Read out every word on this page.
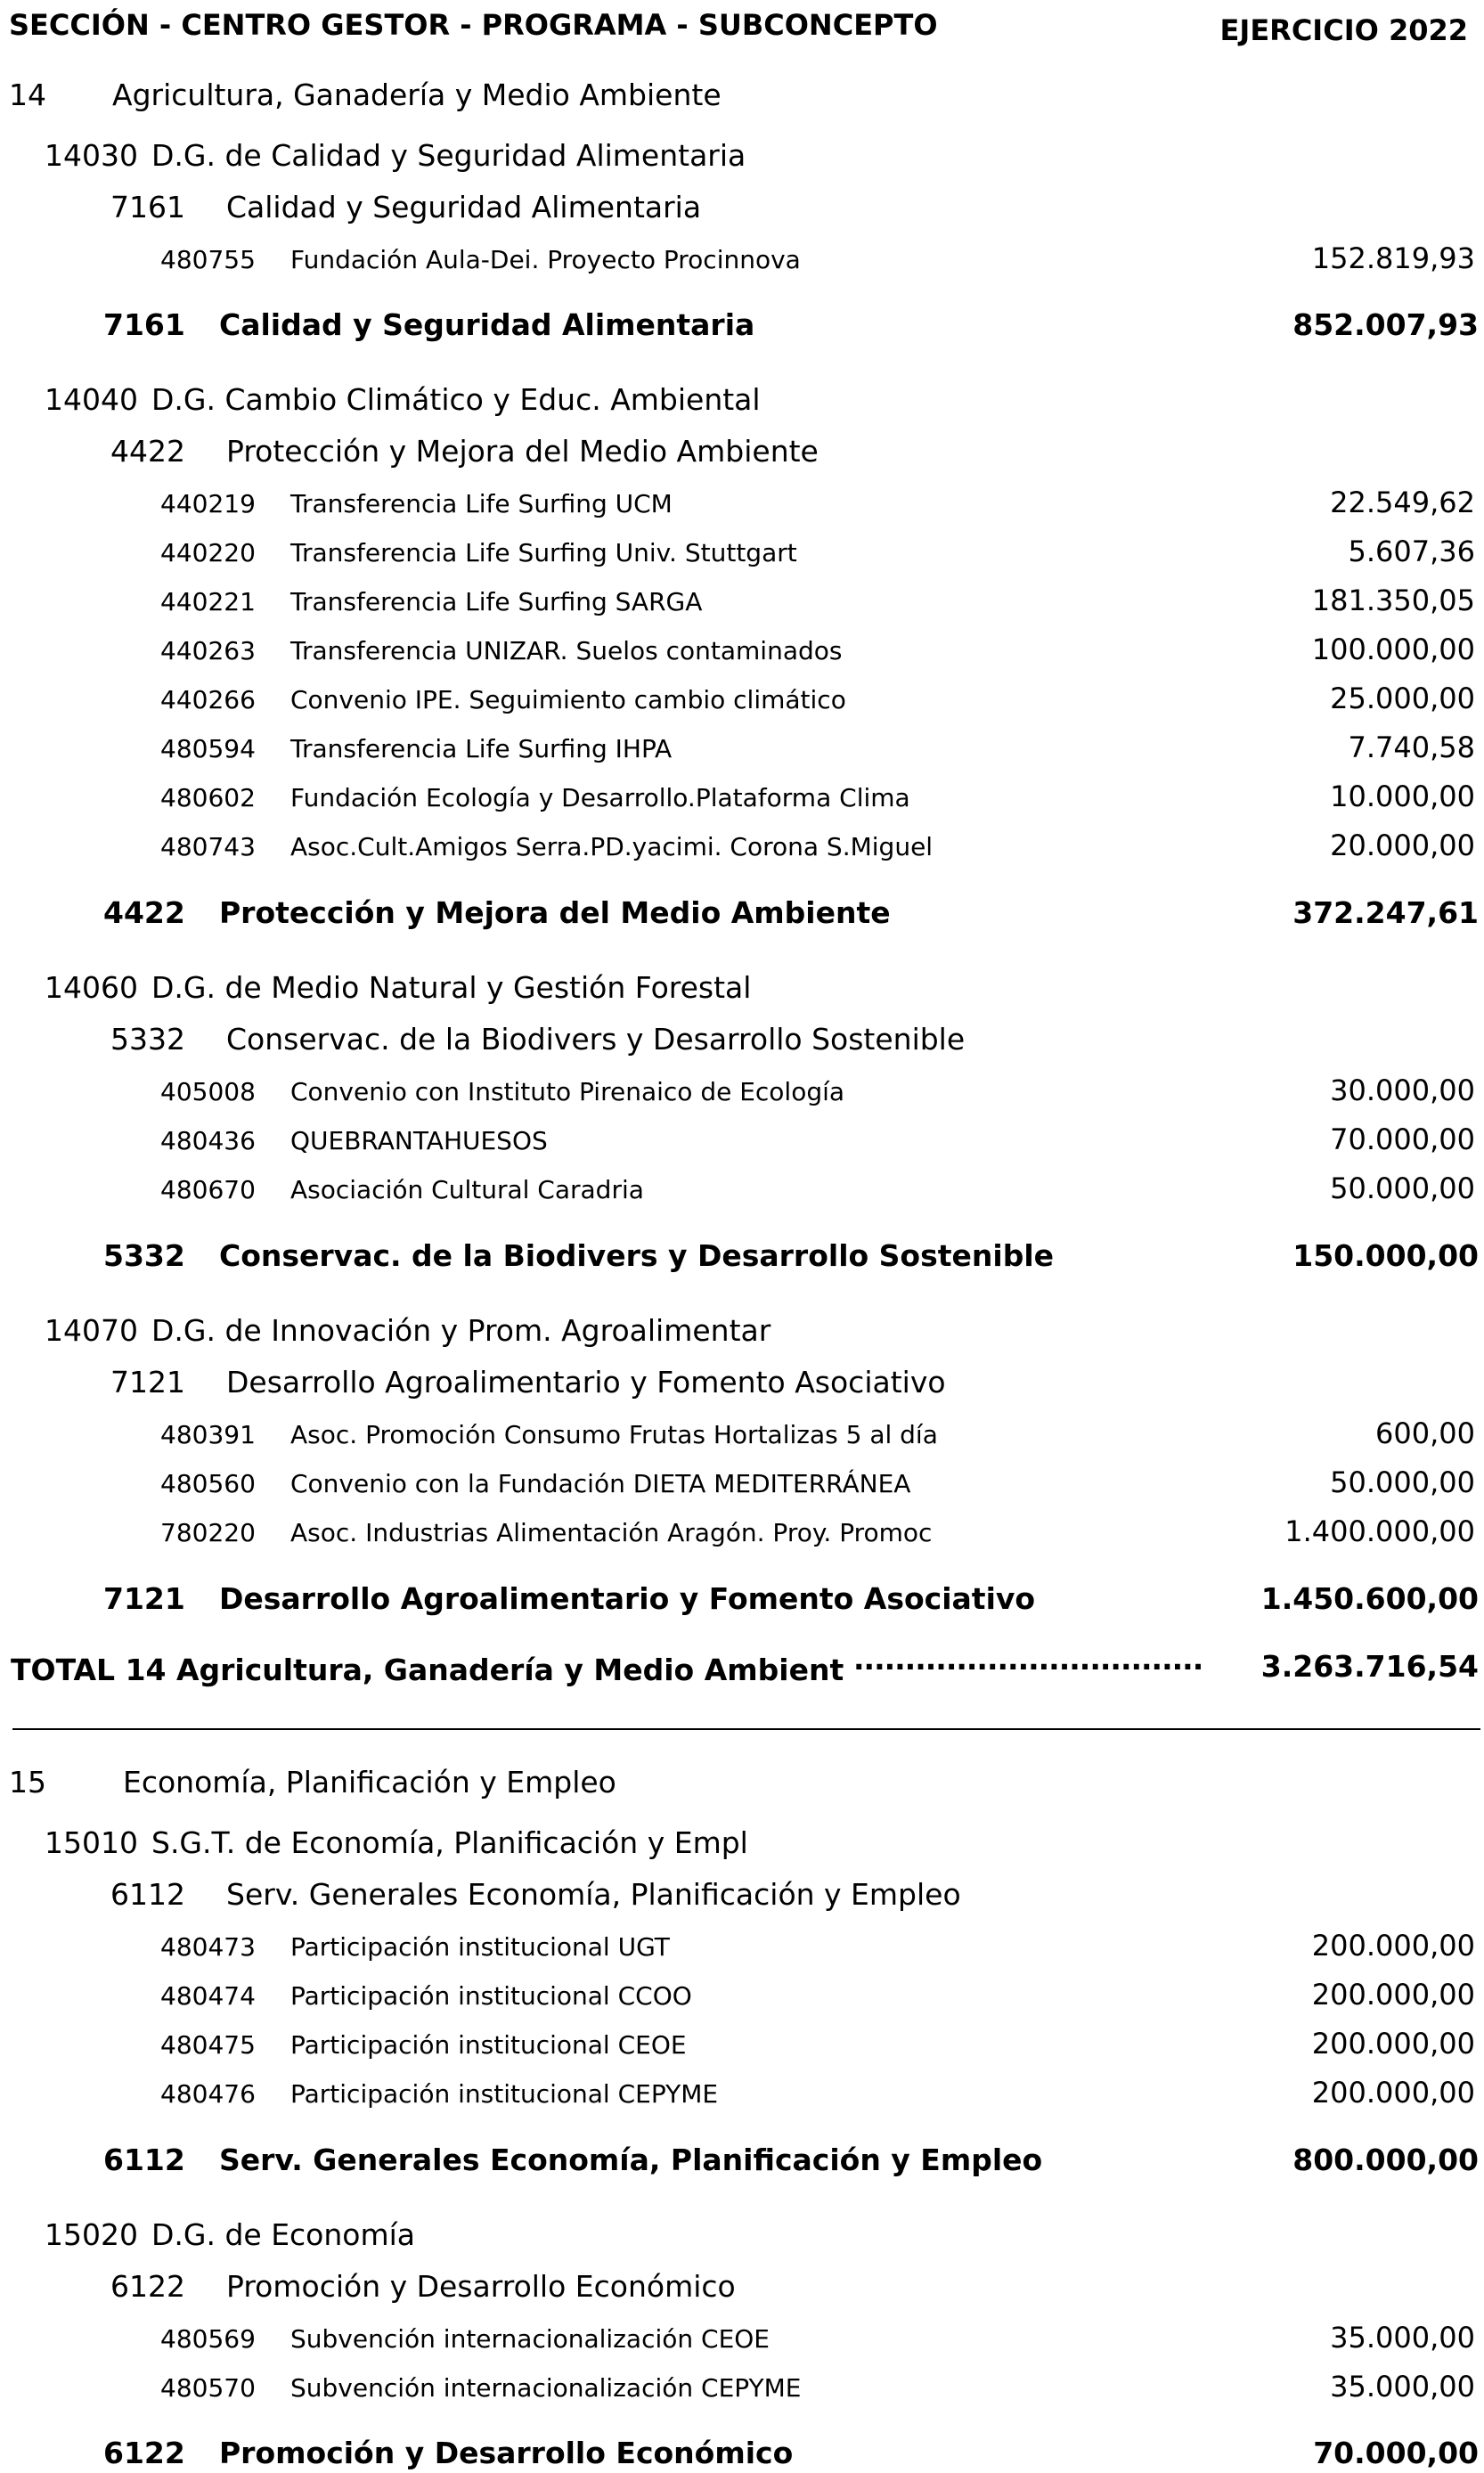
SECCIÓN - CENTRO GESTOR - PROGRAMA - SUBCONCEPTO	EJERCICIO 2022
14 Agricultura, Ganadería y Medio Ambiente
14030 D.G. de Calidad y Seguridad Alimentaria
7161 Calidad y Seguridad Alimentaria
480755 Fundación Aula-Dei. Proyecto Procinnova	152.819,93
7161 Calidad y Seguridad Alimentaria	852.007,93
14040 D.G. Cambio Climático y Educ. Ambiental
4422 Protección y Mejora del Medio Ambiente
440219 Transferencia Life Surfing UCM	22.549,62
440220 Transferencia Life Surfing Univ. Stuttgart	5.607,36
440221 Transferencia Life Surfing SARGA	181.350,05
440263 Transferencia UNIZAR. Suelos contaminados	100.000,00
440266 Convenio IPE. Seguimiento cambio climático	25.000,00
480594 Transferencia Life Surfing IHPA	7.740,58
480602 Fundación Ecología y Desarrollo.Plataforma Clima	10.000,00
480743 Asoc.Cult.Amigos Serra.PD.yacimi. Corona S.Miguel	20.000,00
4422 Protección y Mejora del Medio Ambiente	372.247,61
14060 D.G. de Medio Natural y Gestión Forestal
5332 Conservac. de la Biodivers y Desarrollo Sostenible
405008 Convenio con Instituto Pirenaico de Ecología	30.000,00
480436 QUEBRANTAHUESOS	70.000,00
480670 Asociación Cultural Caradria	50.000,00
5332 Conservac. de la Biodivers y Desarrollo Sostenible	150.000,00
14070 D.G. de Innovación y Prom. Agroalimentar
7121 Desarrollo Agroalimentario y Fomento Asociativo
480391 Asoc. Promoción Consumo Frutas Hortalizas 5 al día	600,00
480560 Convenio con la Fundación DIETA MEDITERRÁNEA	50.000,00
780220 Asoc. Industrias Alimentación Aragón. Proy. Promoc	1.400.000,00
7121 Desarrollo Agroalimentario y Fomento Asociativo	1.450.600,00
TOTAL 14 Agricultura, Ganadería y Medio Ambient .................................. 3.263.716,54
15	Economía, Planificación y Empleo
15010 S.G.T. de Economía, Planificación y Empl
6112 Serv. Generales Economía, Planificación y Empleo
480473 Participación institucional UGT	200.000,00
480474 Participación institucional CCOO	200.000,00
480475 Participación institucional CEOE	200.000,00
480476 Participación institucional CEPYME	200.000,00
6112 Serv. Generales Economía, Planificación y Empleo	800.000,00
15020 D.G. de Economía
6122 Promoción y Desarrollo Económico
480569 Subvención internacionalización CEOE	35.000,00
480570 Subvención internacionalización CEPYME	35.000,00
6122 Promoción y Desarrollo Económico	70.000,00
